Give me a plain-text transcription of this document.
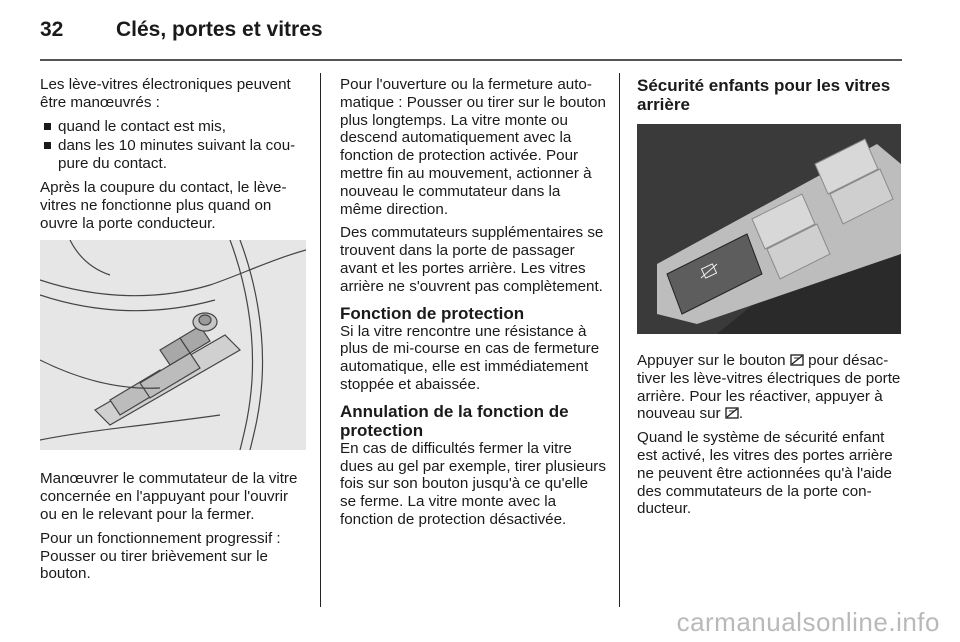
32	Clés, portes et vitres

Les lève-vitres électroniques peuvent être manœuvrés :

quand le contact est mis,
dans les 10 minutes suivant la coupure du contact.

Après la coupure du contact, le lève-vitres ne fonctionne plus quand on ouvre la porte conducteur.

Manœuvrer le commutateur de la vitre concernée en l'appuyant pour l'ouvrir ou en le relevant pour la fermer.

Pour un fonctionnement progressif : Pousser ou tirer brièvement sur le bouton.

Pour l'ouverture ou la fermeture automatique : Pousser ou tirer sur le bouton plus longtemps. La vitre monte ou descend automatiquement avec la fonction de protection activée. Pour mettre fin au mouvement, actionner à nouveau le commutateur dans la même direction.

Des commutateurs supplémentaires se trouvent dans la porte de passager avant et les portes arrière. Les vitres arrière ne s'ouvrent pas complètement.

Fonction de protection

Si la vitre rencontre une résistance à plus de mi-course en cas de fermeture automatique, elle est immédiatement stoppée et abaissée.

Annulation de la fonction de protection

En cas de difficultés fermer la vitre dues au gel par exemple, tirer plusieurs fois sur son bouton jusqu'à ce qu'elle se ferme. La vitre monte avec la fonction de protection désactivée.

Sécurité enfants pour les vitres arrière

Appuyer sur le bouton  pour désactiver les lève-vitres électriques de porte arrière. Pour les réactiver, appuyer à nouveau sur .

Quand le système de sécurité enfant est activé, les vitres des portes arrière ne peuvent être actionnées qu'à l'aide des commutateurs de la porte conducteur.

carmanualsonline.info
